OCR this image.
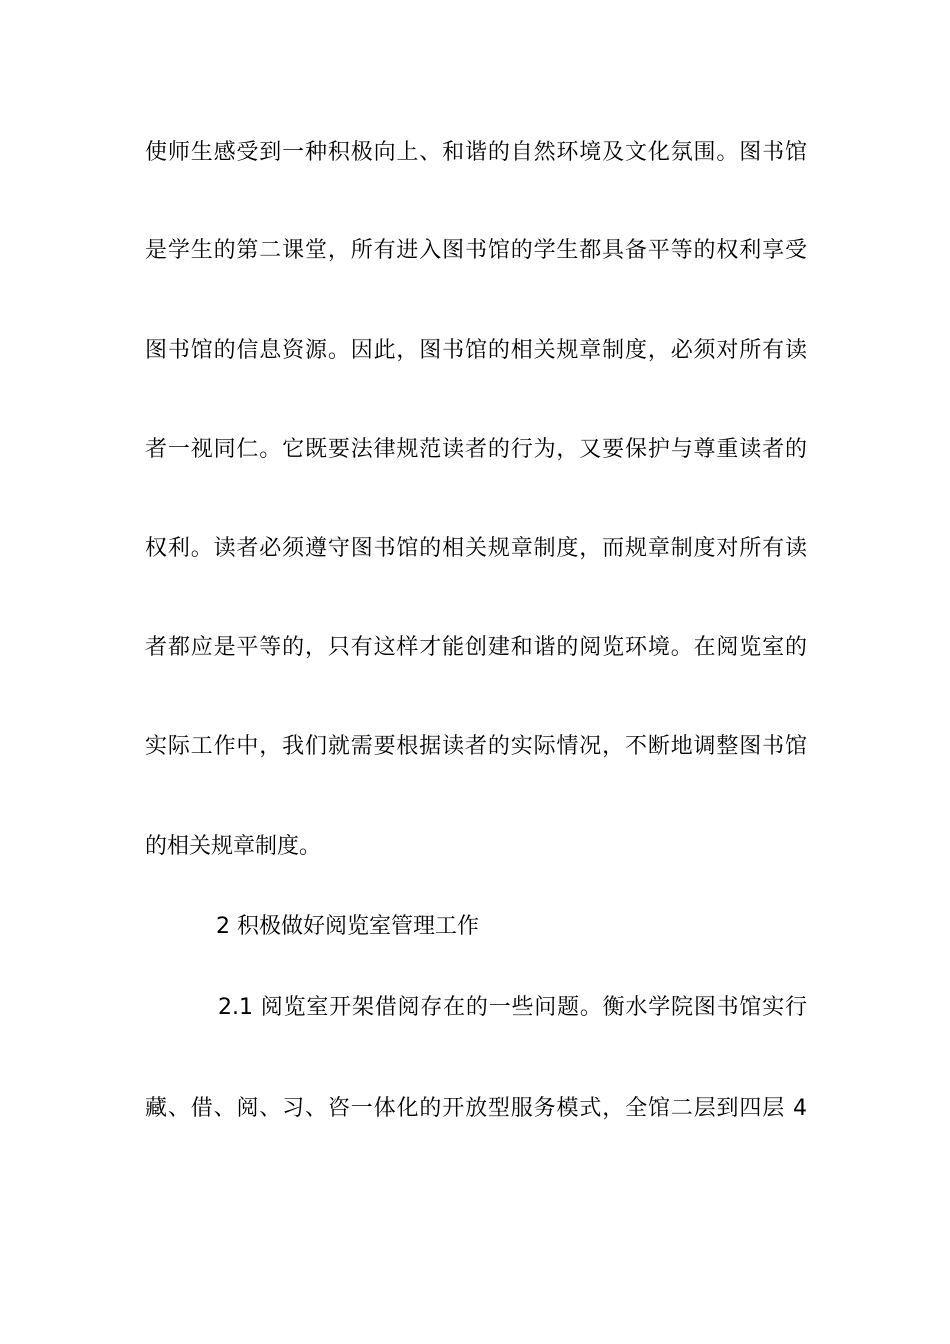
使师生感受到一种积极向上、和谐的自然环境及文化氛围。图书馆
是学生的第二课堂，所有进入图书馆的学生都具备平等的权利享受
图书馆的信息资源。因此，图书馆的相关规章制度，必须对所有读
者一视同仁。它既要法律规范读者的行为，又要保护与尊重读者的
权利。读者必须遵守图书馆的相关规章制度，而规章制度对所有读
者都应是平等的，只有这样才能创建和谐的阅览环境。在阅览室的
实际工作中，我们就需要根据读者的实际情况，不断地调整图书馆
的相关规章制度。
2 积极做好阅览室管理工作
2.1 阅览室开架借阅存在的一些问题。衡水学院图书馆实行
藏、借、阅、习、咨一体化的开放型服务模式，全馆二层到四层 4
